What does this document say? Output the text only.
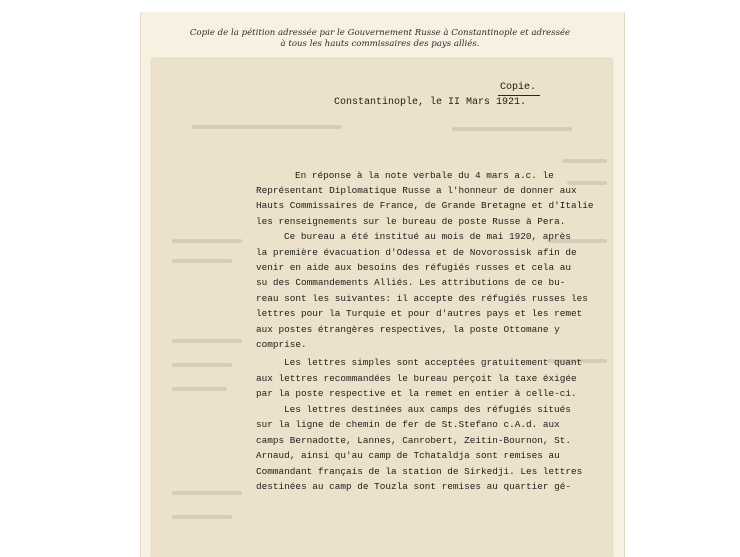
Copie de la pétition adressée par le Gouvernement Russe à Constantinople et adressée
à tous les hauts commissaires des pays alliés.
Copie.
Constantinople, le II Mars 1921.
En réponse à la note verbale du 4 mars a.c. le
Représentant Diplomatique Russe a l'honneur de donner aux
Hauts Commissaires de France, de Grande Bretagne et d'Italie
les renseignements sur le bureau de poste Russe à Pera.
Ce bureau a été institué au mois de mai 1920, après
la première évacuation d'Odessa et de Novorossisk afin de
venir en aide aux besoins des réfugiés russes et cela au
su des Commandements Alliés. Les attributions de ce bu-
reau sont les suivantes: il accepte des réfugiés russes les
lettres pour la Turquie et pour d'autres pays et les remet
aux postes étrangères respectives, la poste Ottomane y
comprise.
Les lettres simples sont acceptées gratuitement quant
aux lettres recommandées le bureau perçoit la taxe éxigée
par la poste respective et la remet en entier à celle-ci.
Les lettres destinées aux camps des réfugiés situés
sur la ligne de chemin de fer de St.Stefano c.A.d. aux
camps Bernadotte, Lannes, Canrobert, Zeitin-Bournon, St.
Arnaud, ainsi qu'au camp de Tchataldja sont remises au
Commandant français de la station de Sirkedji. Les lettres
destinées au camp de Touzla sont remises au quartier gé-
